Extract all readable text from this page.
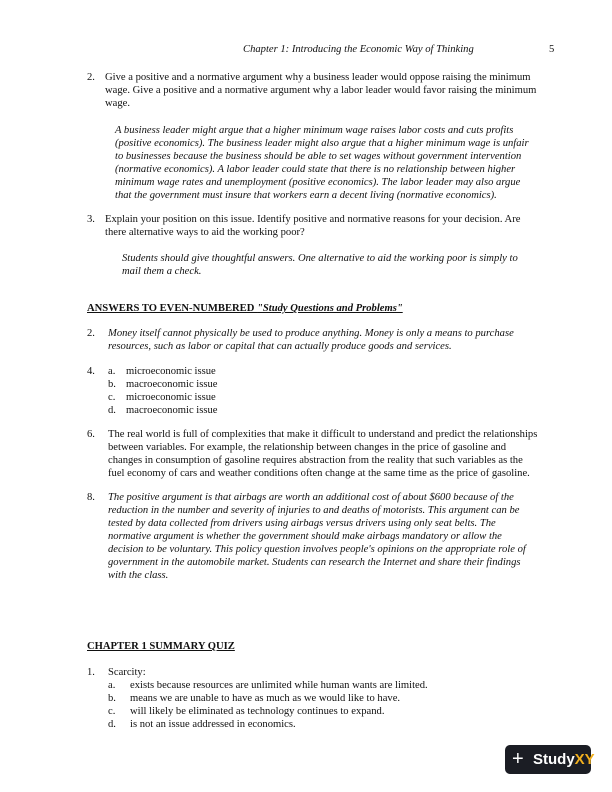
Chapter 1: Introducing the Economic Way of Thinking	5
2. Give a positive and a normative argument why a business leader would oppose raising the minimum
wage. Give a positive and a normative argument why a labor leader would favor raising the minimum
wage.
A business leader might argue that a higher minimum wage raises labor costs and cuts profits
(positive economics). The business leader might also argue that a higher minimum wage is unfair
to businesses because the business should be able to set wages without government intervention
(normative economics). A labor leader could state that there is no relationship between higher
minimum wage rates and unemployment (positive economics). The labor leader may also argue
that the government must insure that workers earn a decent living (normative economics).
3. Explain your position on this issue. Identify positive and normative reasons for your decision. Are
there alternative ways to aid the working poor?
Students should give thoughtful answers. One alternative to aid the working poor is simply to
mail them a check.
ANSWERS TO EVEN-NUMBERED "Study Questions and Problems"
2. Money itself cannot physically be used to produce anything. Money is only a means to purchase
resources, such as labor or capital that can actually produce goods and services.
4. a. microeconomic issue
b. macroeconomic issue
c. microeconomic issue
d. macroeconomic issue
6. The real world is full of complexities that make it difficult to understand and predict the relationships
between variables. For example, the relationship between changes in the price of gasoline and
changes in consumption of gasoline requires abstraction from the reality that such variables as the
fuel economy of cars and weather conditions often change at the same time as the price of gasoline.
8. The positive argument is that airbags are worth an additional cost of about $600 because of the
reduction in the number and severity of injuries to and deaths of motorists. This argument can be
tested by data collected from drivers using airbags versus drivers using only seat belts. The
normative argument is whether the government should make airbags mandatory or allow the
decision to be voluntary. This policy question involves people's opinions on the appropriate role of
government in the automobile market. Students can research the Internet and share their findings
with the class.
CHAPTER 1 SUMMARY QUIZ
1. Scarcity:
a. exists because resources are unlimited while human wants are limited.
b. means we are unable to have as much as we would like to have.
c. will likely be eliminated as technology continues to expand.
d. is not an issue addressed in economics.
+ StudyXY
